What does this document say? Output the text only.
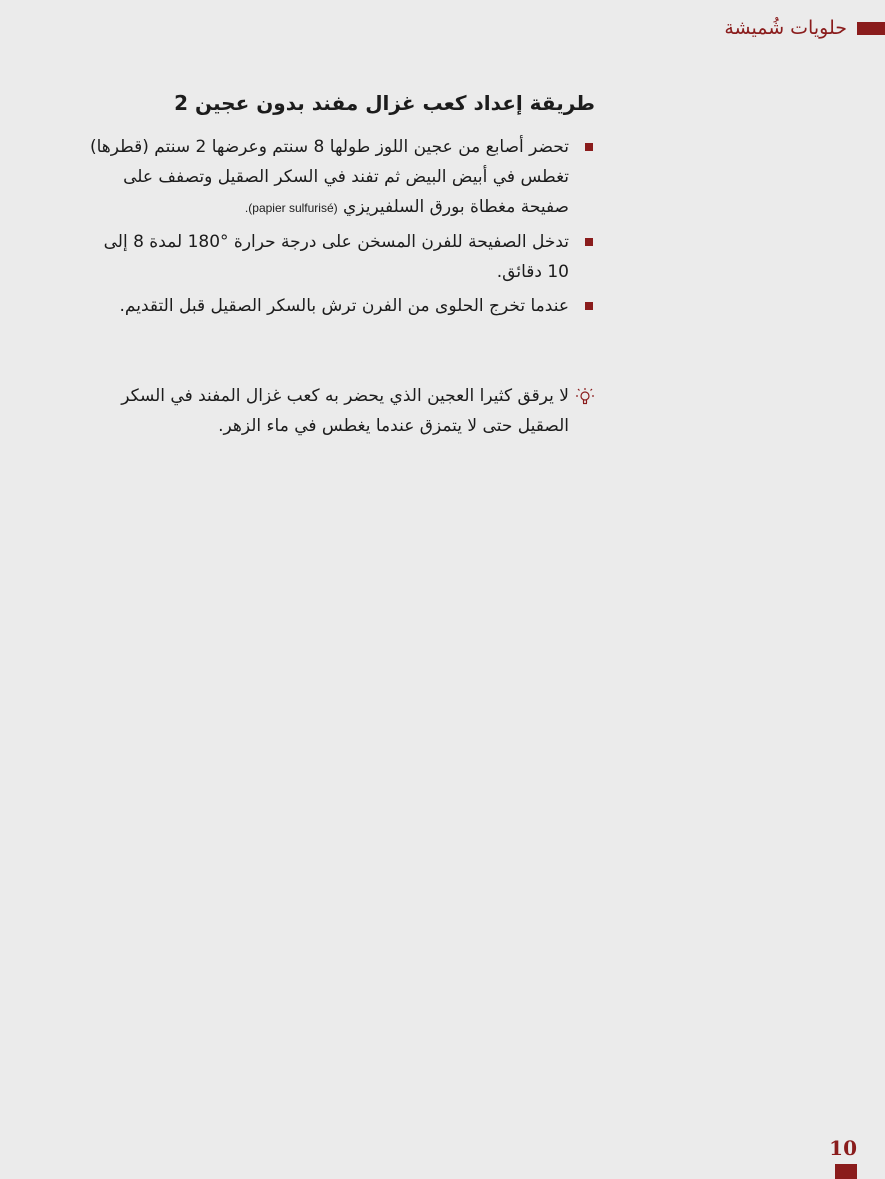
حلويات شُميشة
طريقة إعداد كعب غزال مفند بدون عجين 2
تحضر أصابع من عجين اللوز طولها 8 سنتم وعرضها 2 سنتم (قطرها) تغطس في أبيض البيض ثم تفند في السكر الصقيل وتصفف على صفيحة مغطاة بورق السلفيريزي (papier sulfurisé).
تدخل الصفيحة للفرن المسخن على درجة حرارة °180 لمدة 8 إلى 10 دقائق.
عندما تخرج الحلوى من الفرن ترش بالسكر الصقيل قبل التقديم.
لا يرقق كثيرا العجين الذي يحضر به كعب غزال المفند في السكر الصقيل حتى لا يتمزق عندما يغطس في ماء الزهر.
10
